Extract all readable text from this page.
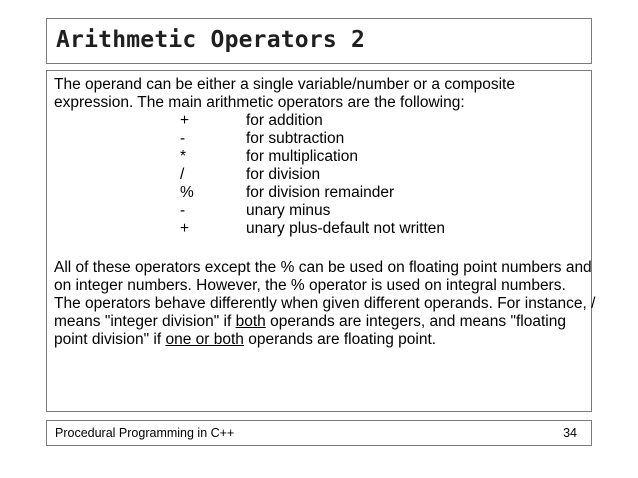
Arithmetic Operators 2
The operand can be either a single variable/number or a composite
expression. The main arithmetic operators are the following:
+	for addition
-	for subtraction
*	for multiplication
/	for division
%	for division remainder
-	unary minus
+	unary plus-default not written
All of these operators except the % can be used on floating point numbers and
on integer numbers. However, the % operator is used on integral numbers.
The operators behave differently when given different operands. For instance, /
means "integer division" if both operands are integers, and means "floating
point division" if one or both operands are floating point.
Procedural Programming in C++	34
